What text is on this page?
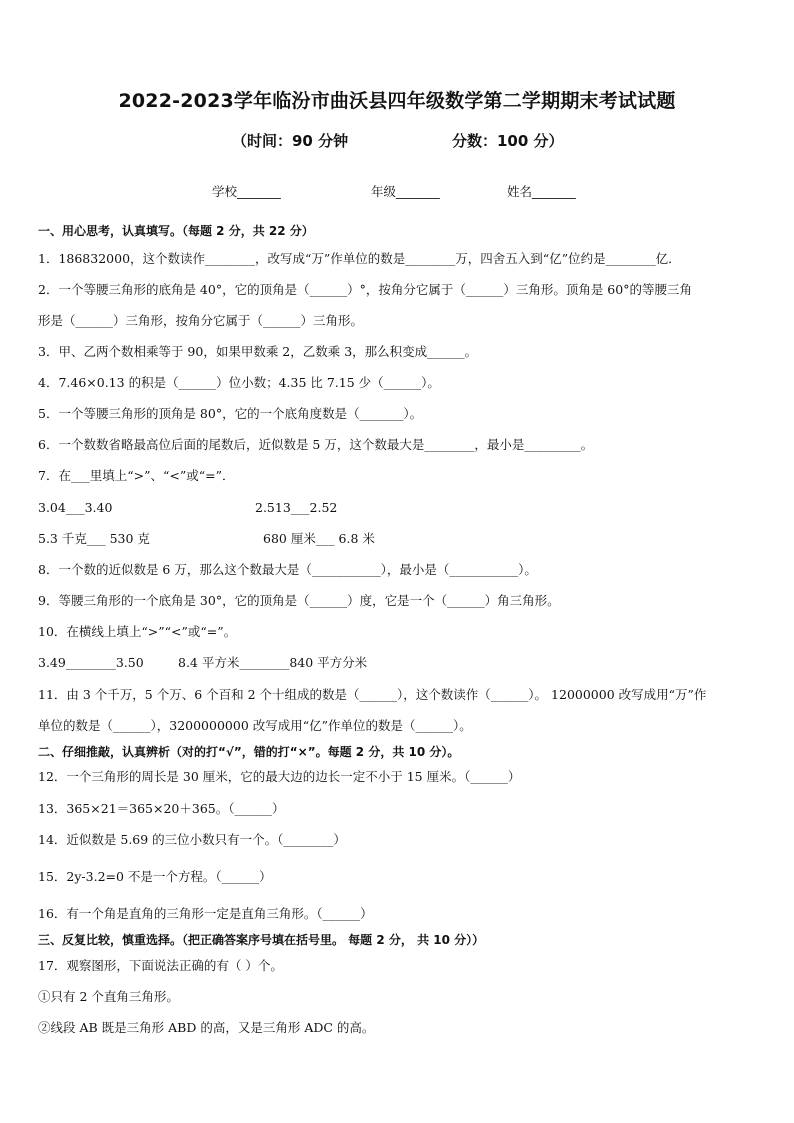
2022-2023学年临汾市曲沃县四年级数学第二学期期末考试试题
（时间：90 分钟	分数：100 分）
学校_______	年级_______	姓名_______
一、用心思考，认真填写。（每题 2 分，共 22 分）
1．186832000，这个数读作________，改写成“万”作单位的数是________万，四舍五入到“亿”位约是________亿．
2．一个等腰三角形的底角是 40°，它的顶角是（______）°，按角分它属于（______）三角形。顶角是 60°的等腰三角
形是（______）三角形，按角分它属于（______）三角形。
3．甲、乙两个数相乘等于 90，如果甲数乘 2，乙数乘 3，那么积变成______。
4．7.46×0.13 的积是（______）位小数；4.35 比 7.15 少（______）。
5．一个等腰三角形的顶角是 80°，它的一个底角度数是（_______）。
6．一个数数省略最高位后面的尾数后，近似数是 5 万，这个数最大是________，最小是_________。
7．在___里填上“>”、“<”或“=”．
3.04___3.40	2.513___2.52
5.3 千克___ 530 克	680 厘米___ 6.8 米
8．一个数的近似数是 6 万，那么这个数最大是（___________），最小是（___________）。
9．等腰三角形的一个底角是 30°，它的顶角是（______）度，它是一个（______）角三角形。
10．在横线上填上“>”“<”或“=”。
3.49________3.50	8.4 平方米________840 平方分米
11．由 3 个千万，5 个万、6 个百和 2 个十组成的数是（______），这个数读作（______）。 12000000 改写成用“万”作
单位的数是（______），3200000000 改写成用“亿”作单位的数是（______）。
二、仔细推敲，认真辨析（对的打“√”，错的打“×”。每题 2 分，共 10 分）。
12．一个三角形的周长是 30 厘米，它的最大边的边长一定不小于 15 厘米。（______）
13．365×21＝365×20＋365。（______）
14．近似数是 5.69 的三位小数只有一个。（________）
15．2y-3.2=0 不是一个方程。（______）
16．有一个角是直角的三角形一定是直角三角形。（______）
三、反复比较，慎重选择。（把正确答案序号填在括号里。 每题 2 分， 共 10 分））
17．观察图形，下面说法正确的有（ ）个。
①只有 2 个直角三角形。
②线段 AB 既是三角形 ABD 的高，又是三角形 ADC 的高。
